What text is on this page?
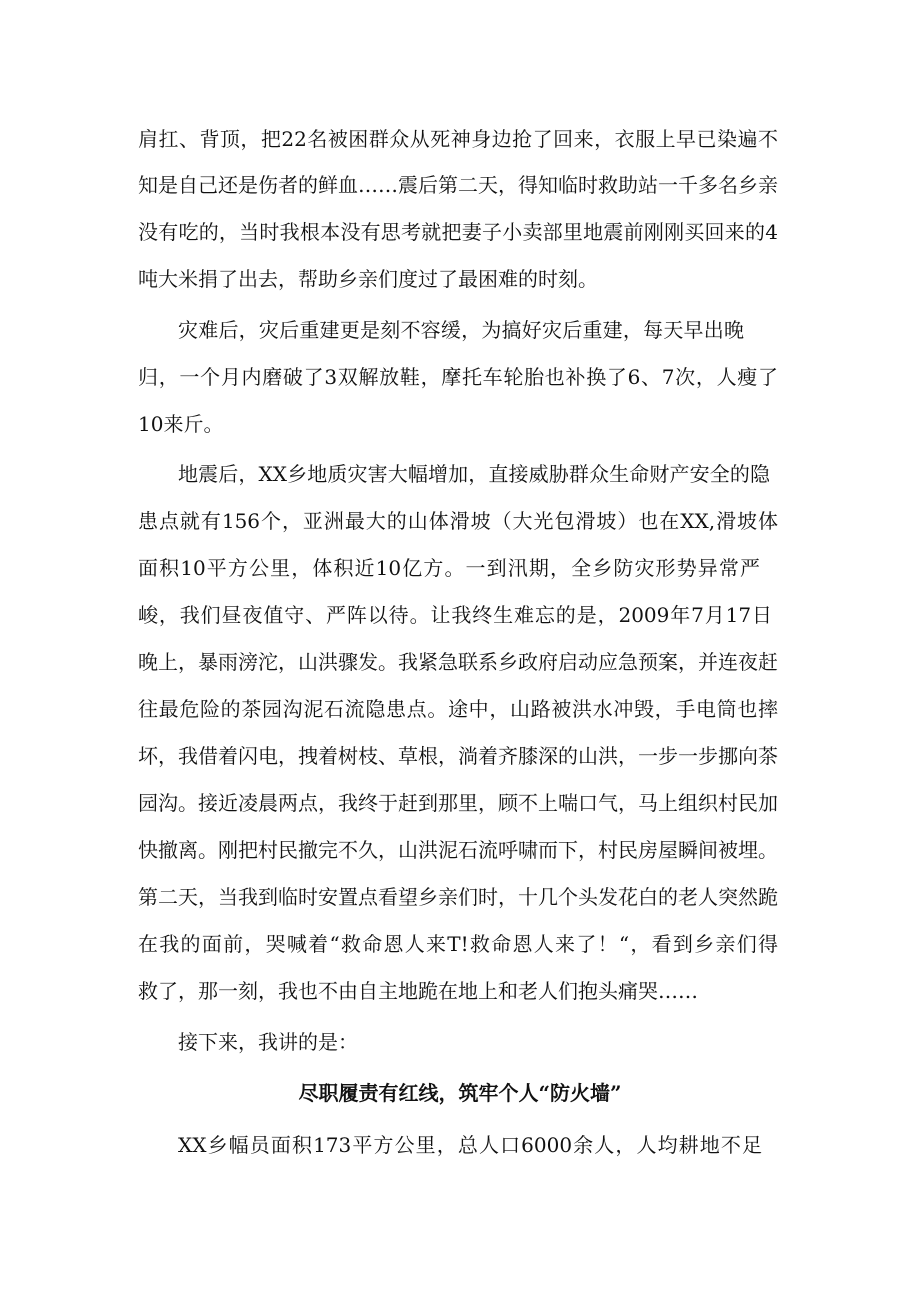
肩扛、背顶，把22名被困群众从死神身边抢了回来，衣服上早已染遍不
知是自己还是伤者的鲜血……震后第二天，得知临时救助站一千多名乡亲
没有吃的，当时我根本没有思考就把妻子小卖部里地震前刚刚买回来的4
吨大米捐了出去，帮助乡亲们度过了最困难的时刻。
灾难后，灾后重建更是刻不容缓，为搞好灾后重建，每天早出晚
归，一个月内磨破了3双解放鞋，摩托车轮胎也补换了6、7次，人瘦了
10来斤。
地震后，XX乡地质灾害大幅增加，直接威胁群众生命财产安全的隐
患点就有156个，亚洲最大的山体滑坡（大光包滑坡）也在XX,滑坡体
面积10平方公里，体积近10亿方。一到汛期，全乡防灾形势异常严
峻，我们昼夜值守、严阵以待。让我终生难忘的是，2009年7月17日
晚上，暴雨滂沱，山洪骤发。我紧急联系乡政府启动应急预案，并连夜赶
往最危险的茶园沟泥石流隐患点。途中，山路被洪水冲毁，手电筒也摔
坏，我借着闪电，拽着树枝、草根，淌着齐膝深的山洪，一步一步挪向茶
园沟。接近凌晨两点，我终于赶到那里，顾不上喘口气，马上组织村民加
快撤离。刚把村民撤完不久，山洪泥石流呼啸而下，村民房屋瞬间被埋。
第二天，当我到临时安置点看望乡亲们时，十几个头发花白的老人突然跪
在我的面前，哭喊着“救命恩人来T!救命恩人来了！“，看到乡亲们得
救了，那一刻，我也不由自主地跪在地上和老人们抱头痛哭……
接下来，我讲的是：
尽职履责有红线，筑牢个人“防火墙”
XX乡幅员面积173平方公里，总人口6000余人，人均耕地不足
